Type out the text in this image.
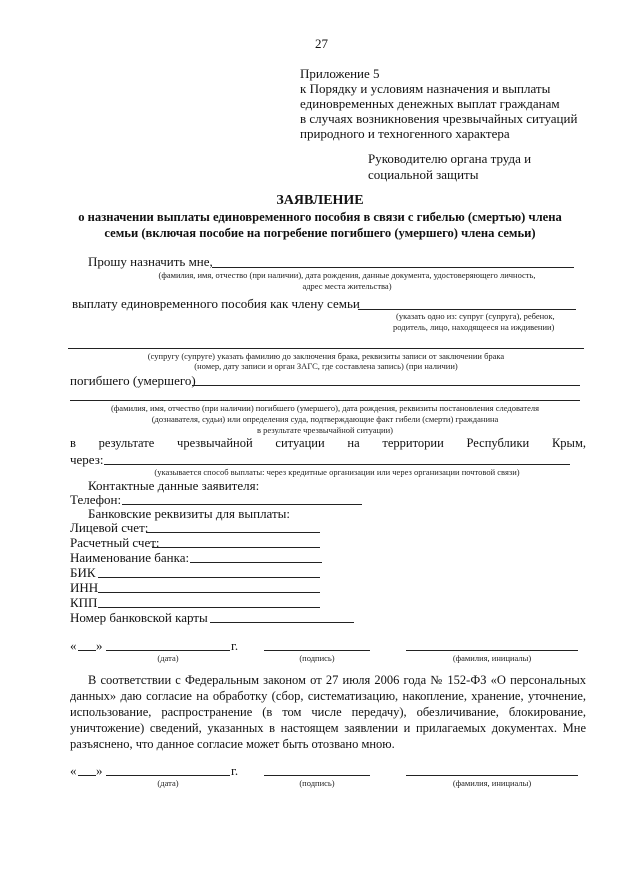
27
Приложение 5
к Порядку и условиям назначения и выплаты
единовременных денежных выплат гражданам
в случаях возникновения чрезвычайных ситуаций
природного и техногенного характера
Руководителю органа труда и
социальной защиты
ЗАЯВЛЕНИЕ
о назначении выплаты единовременного пособия в связи с гибелью (смертью) члена
семьи (включая пособие на погребение погибшего (умершего) члена семьи)
Прошу назначить мне,
(фамилия, имя, отчество (при наличии), дата рождения, данные документа, удостоверяющего личность,
адрес места жительства)
выплату единовременного пособия как члену семьи
(указать одно из: супруг (супруга), ребенок,
родитель, лицо, находящееся на иждивении)
(супругу (супруге) указать фамилию до заключения брака, реквизиты записи от заключении брака
(номер, дату записи и орган ЗАГС, где составлена запись) (при наличии)
погибшего (умершего)
(фамилия, имя, отчество (при наличии) погибшего (умершего), дата рождения, реквизиты постановления следователя
(дознавателя, судьи) или определения суда, подтверждающие факт гибели (смерти) гражданина
в результате чрезвычайной ситуации)
в результате чрезвычайной ситуации на территории Республики Крым,
через:
(указывается способ выплаты: через кредитные организации или через организации почтовой связи)
Контактные данные заявителя:
Телефон:
Банковские реквизиты для выплаты:
Лицевой счет:
Расчетный счет:
Наименование банка:
БИК
ИНН
КПП
Номер банковской карты
« »	г.
(дата)	(подпись)	(фамилия, инициалы)
В соответствии с Федеральным законом от 27 июля 2006 года № 152-ФЗ «О персональных
данных» даю согласие на обработку (сбор, систематизацию, накопление, хранение, уточнение,
использование, распространение (в том числе передачу), обезличивание, блокирование,
уничтожение) сведений, указанных в настоящем заявлении и прилагаемых документах. Мне
разъяснено, что данное согласие может быть отозвано мною.
« »	г.
(дата)	(подпись)	(фамилия, инициалы)
